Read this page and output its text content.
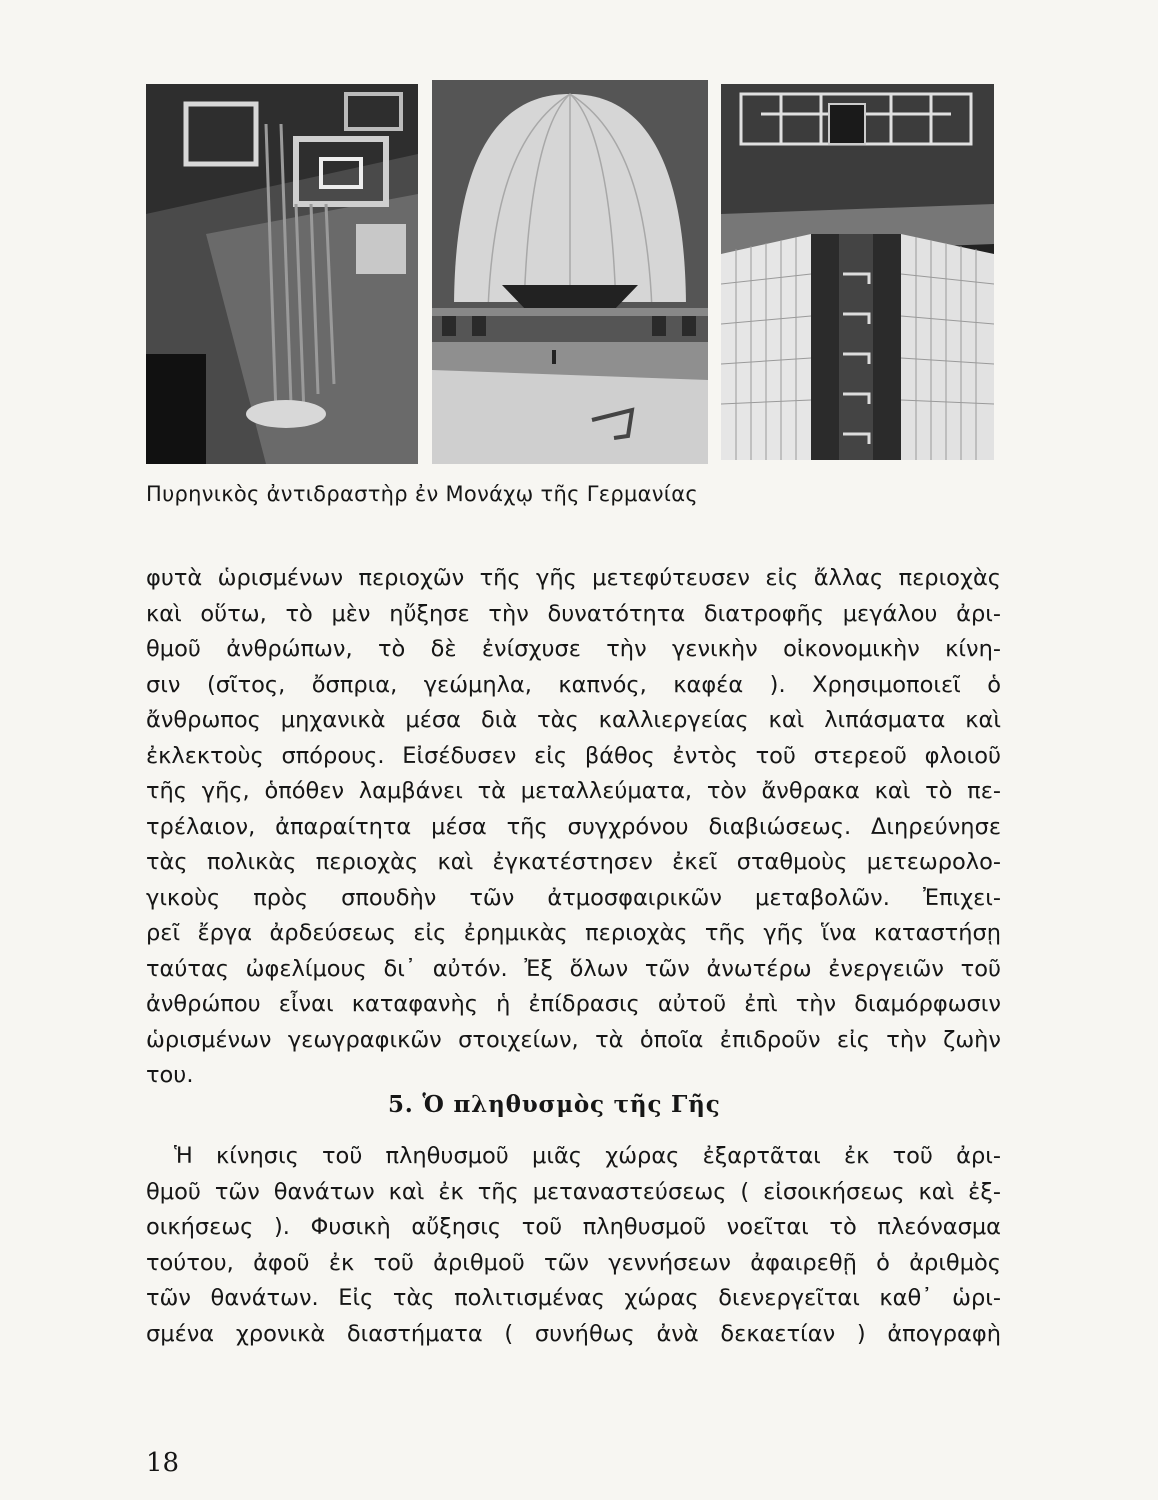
Πυρηνικὸς ἀντιδραστὴρ ἐν Μονάχῳ τῆς Γερμανίας
φυτὰ ὡρισμένων περιοχῶν τῆς γῆς μετεφύτευσεν εἰς ἄλλας περιοχὰς
καὶ οὕτω, τὸ μὲν ηὔξησε τὴν δυνατότητα διατροφῆς μεγάλου ἀρι-
θμοῦ ἀνθρώπων, τὸ δὲ ἐνίσχυσε τὴν γενικὴν οἰκονομικὴν κίνη-
σιν (σῖτος, ὄσπρια, γεώμηλα, καπνός, καφέα ). Χρησιμοποιεῖ ὁ
ἄνθρωπος μηχανικὰ μέσα διὰ τὰς καλλιεργείας καὶ λιπάσματα καὶ
ἐκλεκτοὺς σπόρους. Εἰσέδυσεν εἰς βάθος ἐντὸς τοῦ στερεοῦ φλοιοῦ
τῆς γῆς, ὁπόθεν λαμβάνει τὰ μεταλλεύματα, τὸν ἄνθρακα καὶ τὸ πε-
τρέλαιον, ἀπαραίτητα μέσα τῆς συγχρόνου διαβιώσεως. Διηρεύνησε
τὰς πολικὰς περιοχὰς καὶ ἐγκατέστησεν ἐκεῖ σταθμοὺς μετεωρολο-
γικοὺς πρὸς σπουδὴν τῶν ἀτμοσφαιρικῶν μεταβολῶν. Ἐπιχει-
ρεῖ ἔργα ἀρδεύσεως εἰς ἐρημικὰς περιοχὰς τῆς γῆς ἵνα καταστήσῃ
ταύτας ὠφελίμους δι᾽ αὐτόν. Ἐξ ὅλων τῶν ἀνωτέρω ἐνεργειῶν τοῦ
ἀνθρώπου εἶναι καταφανὴς ἡ ἐπίδρασις αὐτοῦ ἐπὶ τὴν διαμόρφωσιν
ὡρισμένων γεωγραφικῶν στοιχείων, τὰ ὁποῖα ἐπιδροῦν εἰς τὴν ζωὴν
του.
5. Ὁ πληθυσμὸς τῆς Γῆς
Ἡ κίνησις τοῦ πληθυσμοῦ μιᾶς χώρας ἐξαρτᾶται ἐκ τοῦ ἀρι-
θμοῦ τῶν θανάτων καὶ ἐκ τῆς μεταναστεύσεως ( εἰσοικήσεως καὶ ἐξ-
οικήσεως ). Φυσικὴ αὔξησις τοῦ πληθυσμοῦ νοεῖται τὸ πλεόνασμα
τούτου, ἀφοῦ ἐκ τοῦ ἀριθμοῦ τῶν γεννήσεων ἀφαιρεθῇ ὁ ἀριθμὸς
τῶν θανάτων. Εἰς τὰς πολιτισμένας χώρας διενεργεῖται καθ᾽ ὡρι-
σμένα χρονικὰ διαστήματα ( συνήθως ἀνὰ δεκαετίαν ) ἀπογραφὴ
18
